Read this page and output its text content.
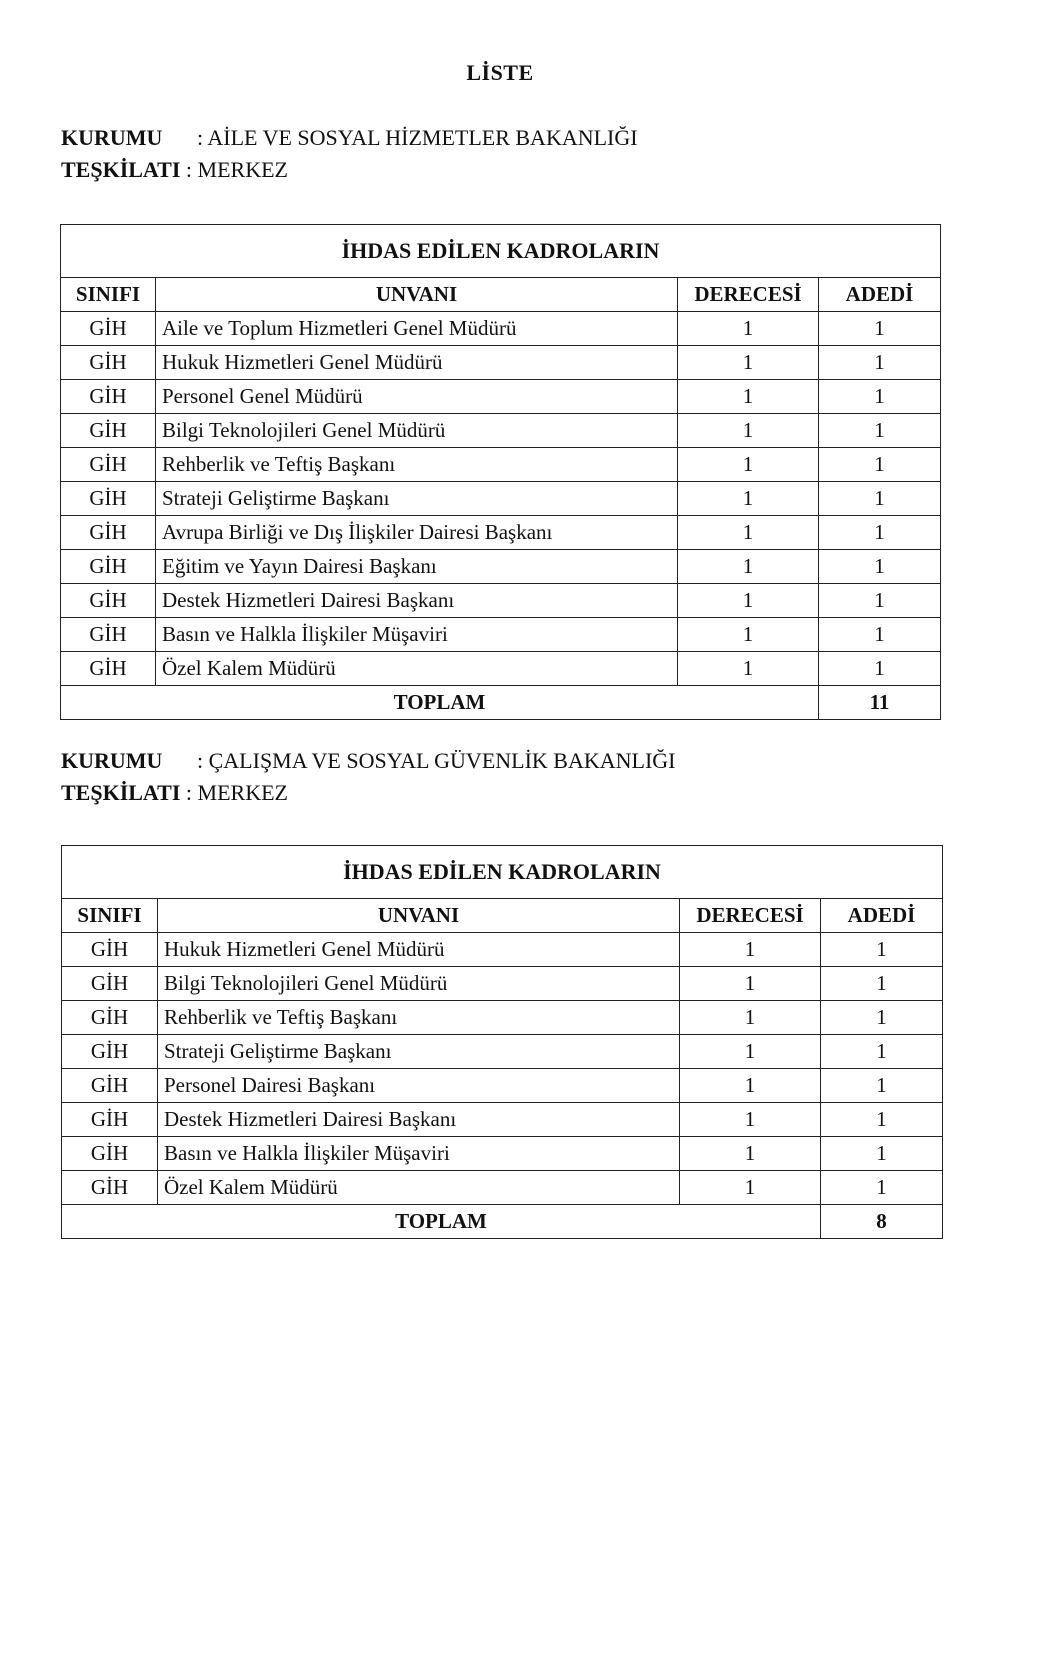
LİSTE
KURUMU : AİLE VE SOSYAL HİZMETLER BAKANLIĞI
TEŞKİLATI : MERKEZ
İHDAS EDİLEN KADROLARIN			
SINIFI	UNVANI	DERECESİ	ADEDİ
GİH	Aile ve Toplum Hizmetleri Genel Müdürü	1	1
GİH	Hukuk Hizmetleri Genel Müdürü	1	1
GİH	Personel Genel Müdürü	1	1
GİH	Bilgi Teknolojileri Genel Müdürü	1	1
GİH	Rehberlik ve Teftiş Başkanı	1	1
GİH	Strateji Geliştirme Başkanı	1	1
GİH	Avrupa Birliği ve Dış İlişkiler Dairesi Başkanı	1	1
GİH	Eğitim ve Yayın Dairesi Başkanı	1	1
GİH	Destek Hizmetleri Dairesi Başkanı	1	1
GİH	Basın ve Halkla İlişkiler Müşaviri	1	1
GİH	Özel Kalem Müdürü	1	1
TOPLAM			11
KURUMU : ÇALIŞMA VE SOSYAL GÜVENLİK BAKANLIĞI
TEŞKİLATI : MERKEZ
İHDAS EDİLEN KADROLARIN			
SINIFI	UNVANI	DERECESİ	ADEDİ
GİH	Hukuk Hizmetleri Genel Müdürü	1	1
GİH	Bilgi Teknolojileri Genel Müdürü	1	1
GİH	Rehberlik ve Teftiş Başkanı	1	1
GİH	Strateji Geliştirme Başkanı	1	1
GİH	Personel Dairesi Başkanı	1	1
GİH	Destek Hizmetleri Dairesi Başkanı	1	1
GİH	Basın ve Halkla İlişkiler Müşaviri	1	1
GİH	Özel Kalem Müdürü	1	1
TOPLAM			8
